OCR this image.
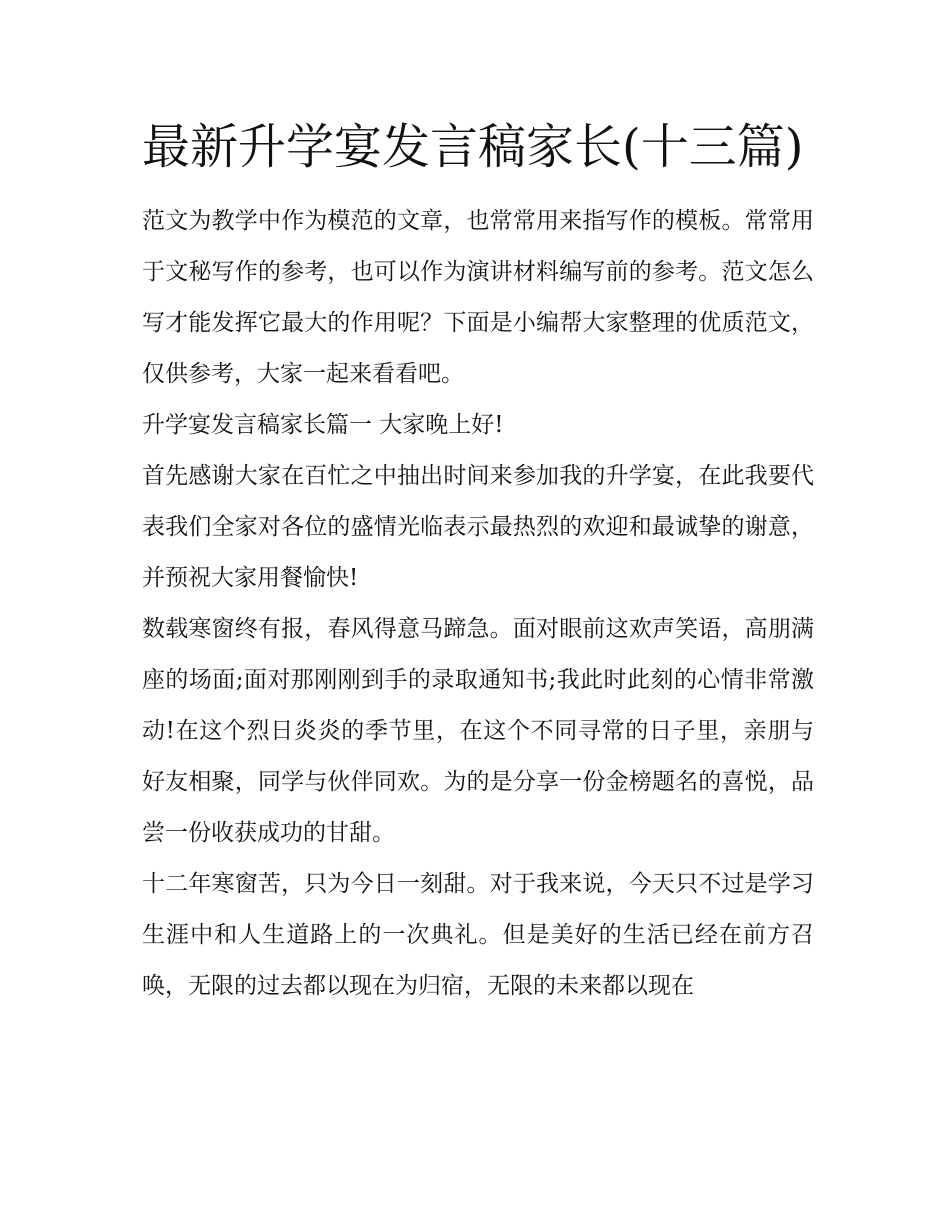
最新升学宴发言稿家长(十三篇)

范文为教学中作为模范的文章，也常常用来指写作的模板。常常用于文秘写作的参考，也可以作为演讲材料编写前的参考。范文怎么写才能发挥它最大的作用呢？下面是小编帮大家整理的优质范文，仅供参考，大家一起来看看吧。

升学宴发言稿家长篇一 大家晚上好!

首先感谢大家在百忙之中抽出时间来参加我的升学宴，在此我要代表我们全家对各位的盛情光临表示最热烈的欢迎和最诚挚的谢意，并预祝大家用餐愉快!

数载寒窗终有报，春风得意马蹄急。面对眼前这欢声笑语，高朋满座的场面;面对那刚刚到手的录取通知书;我此时此刻的心情非常激动!在这个烈日炎炎的季节里，在这个不同寻常的日子里，亲朋与好友相聚，同学与伙伴同欢。为的是分享一份金榜题名的喜悦，品尝一份收获成功的甘甜。

十二年寒窗苦，只为今日一刻甜。对于我来说，今天只不过是学习生涯中和人生道路上的一次典礼。但是美好的生活已经在前方召唤，无限的过去都以现在为归宿，无限的未来都以现在
